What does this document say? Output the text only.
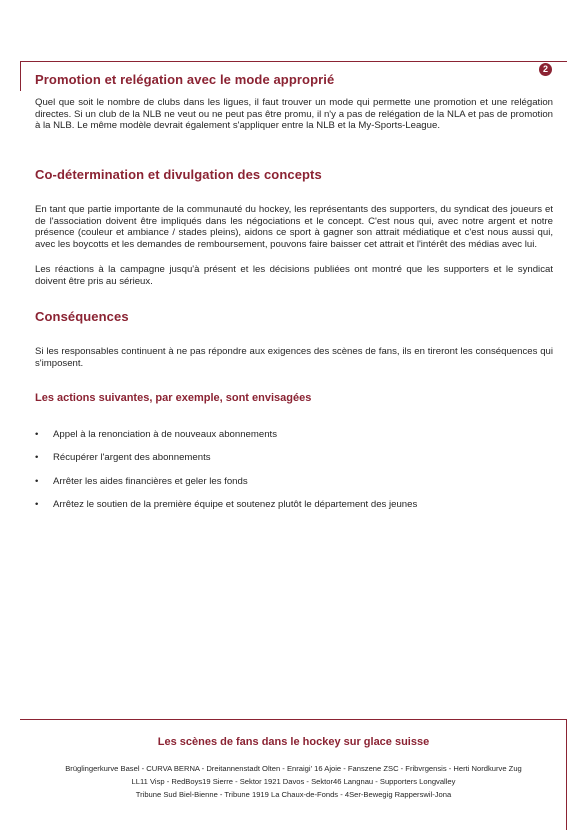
2
Promotion et relégation avec le mode approprié

Quel que soit le nombre de clubs dans les ligues, il faut trouver un mode qui permette une promotion et une relégation directes. Si un club de la NLB ne veut ou ne peut pas être promu, il n'y a pas de relégation de la NLA et pas de promotion à la NLB. Le même modèle devrait également s'appliquer entre la NLB et la My-Sports-League.

Co-détermination et divulgation des concepts

En tant que partie importante de la communauté du hockey, les représentants des supporters, du syndicat des joueurs et de l'association doivent être impliqués dans les négociations et le concept. C'est nous qui, avec notre argent et notre présence (couleur et ambiance / stades pleins), aidons ce sport à gagner son attrait médiatique et c'est nous aussi qui, avec les boycotts et les demandes de remboursement, pouvons faire baisser cet attrait et l'intérêt des médias avec lui.

Les réactions à la campagne jusqu'à présent et les décisions publiées ont montré que les supporters et le syndicat doivent être pris au sérieux.

Conséquences

Si les responsables continuent à ne pas répondre aux exigences des scènes de fans, ils en tireront les conséquences qui s'imposent.

Les actions suivantes, par exemple, sont envisagées
• Appel à la renonciation à de nouveaux abonnements
• Récupérer l'argent des abonnements
• Arrêter les aides financières et geler les fonds
• Arrêtez le soutien de la première équipe et soutenez plutôt le département des jeunes
Les scènes de fans dans le hockey sur glace suisse
Brüglingerkurve Basel - CURVA BERNA - Dreitannenstadt Olten - Enraigi' 16 Ajoie - Fanszene ZSC - Fribvrgensis - Herti Nordkurve Zug
LL11 Visp - RedBoys19 Sierre - Sektor 1921 Davos - Sektor46 Langnau - Supporters Longvalley
Tribune Sud Biel-Bienne - Tribune 1919 La Chaux-de-Fonds - 4Ser-Bewegig Rapperswil-Jona
